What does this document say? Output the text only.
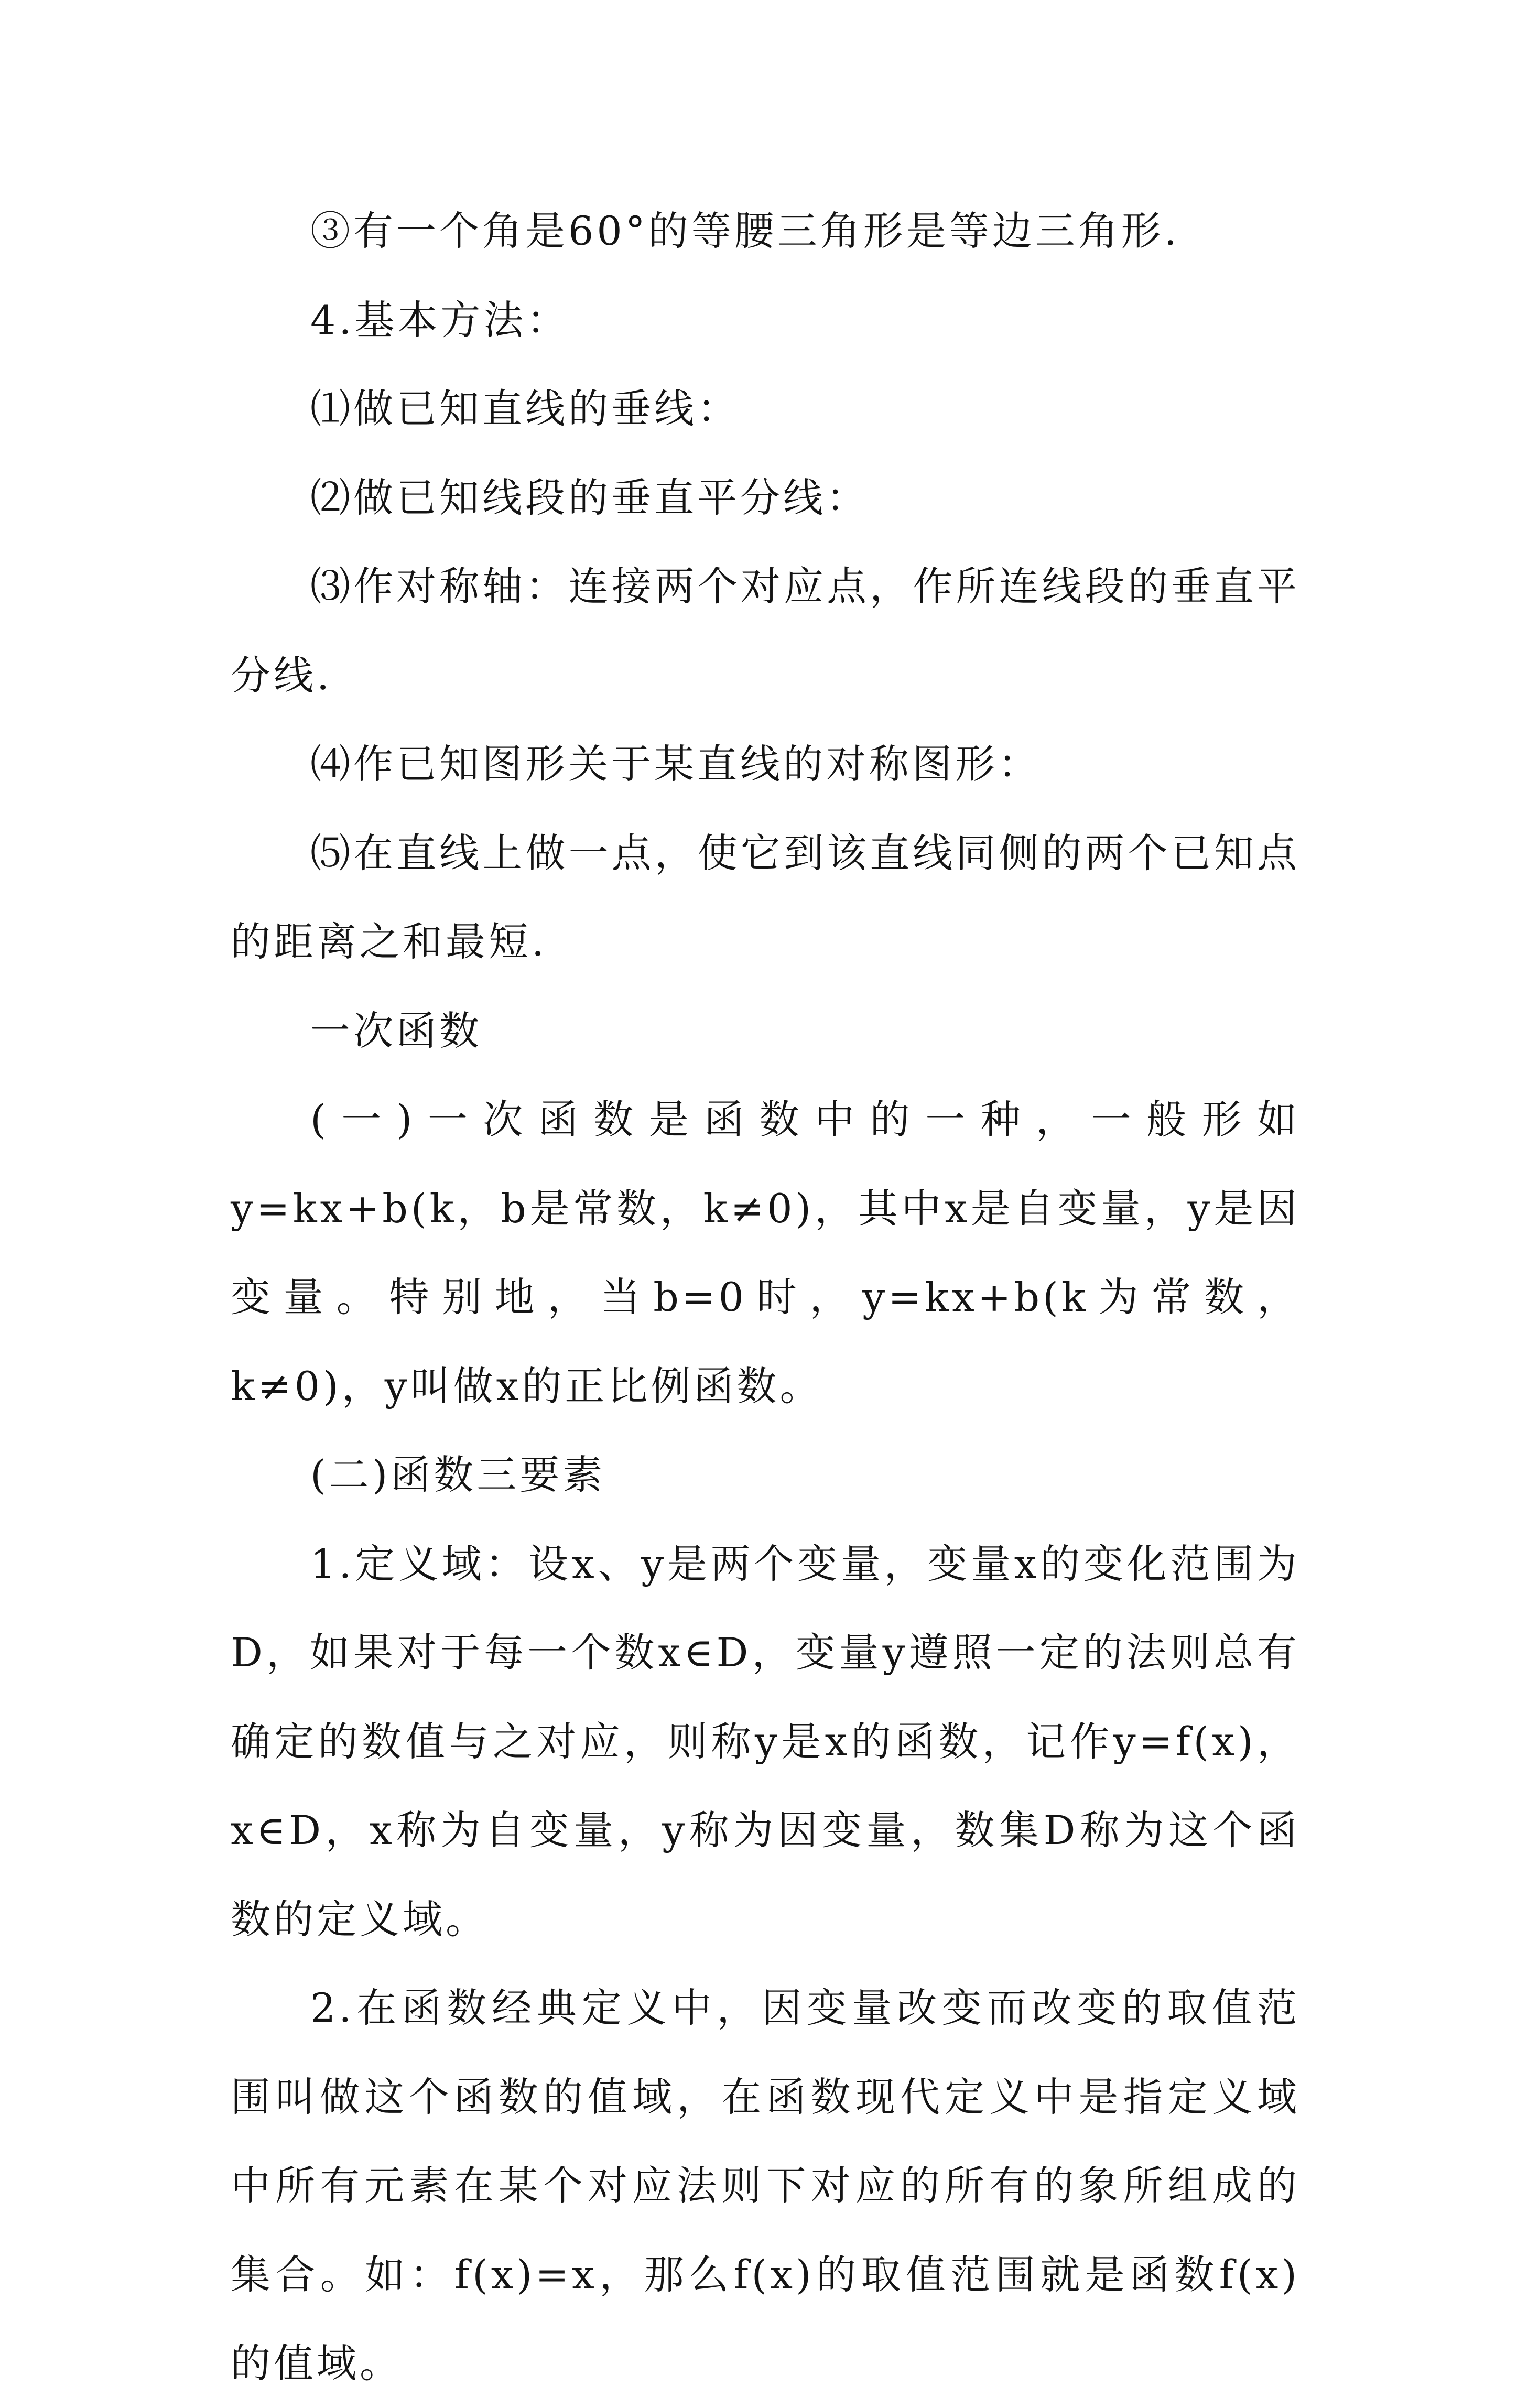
③有一个角是60°的等腰三角形是等边三角形.

4.基本方法：

⑴做已知直线的垂线：

⑵做已知线段的垂直平分线：

⑶作对称轴：连接两个对应点，作所连线段的垂直平分线.

⑷作已知图形关于某直线的对称图形：

⑸在直线上做一点，使它到该直线同侧的两个已知点的距离之和最短.

一次函数

(一)一次函数是函数中的一种，一般形如y=kx+b(k，b是常数，k≠0)，其中x是自变量，y是因变量。特别地，当b=0时，y=kx+b(k为常数，k≠0)，y叫做x的正比例函数。

(二)函数三要素

1.定义域：设x、y是两个变量，变量x的变化范围为D，如果对于每一个数x∈D，变量y遵照一定的法则总有确定的数值与之对应，则称y是x的函数，记作y=f(x)，x∈D，x称为自变量，y称为因变量，数集D称为这个函数的定义域。

2.在函数经典定义中，因变量改变而改变的取值范围叫做这个函数的值域，在函数现代定义中是指定义域中所有元素在某个对应法则下对应的所有的象所组成的集合。如：f(x)=x，那么f(x)的取值范围就是函数f(x)的值域。
